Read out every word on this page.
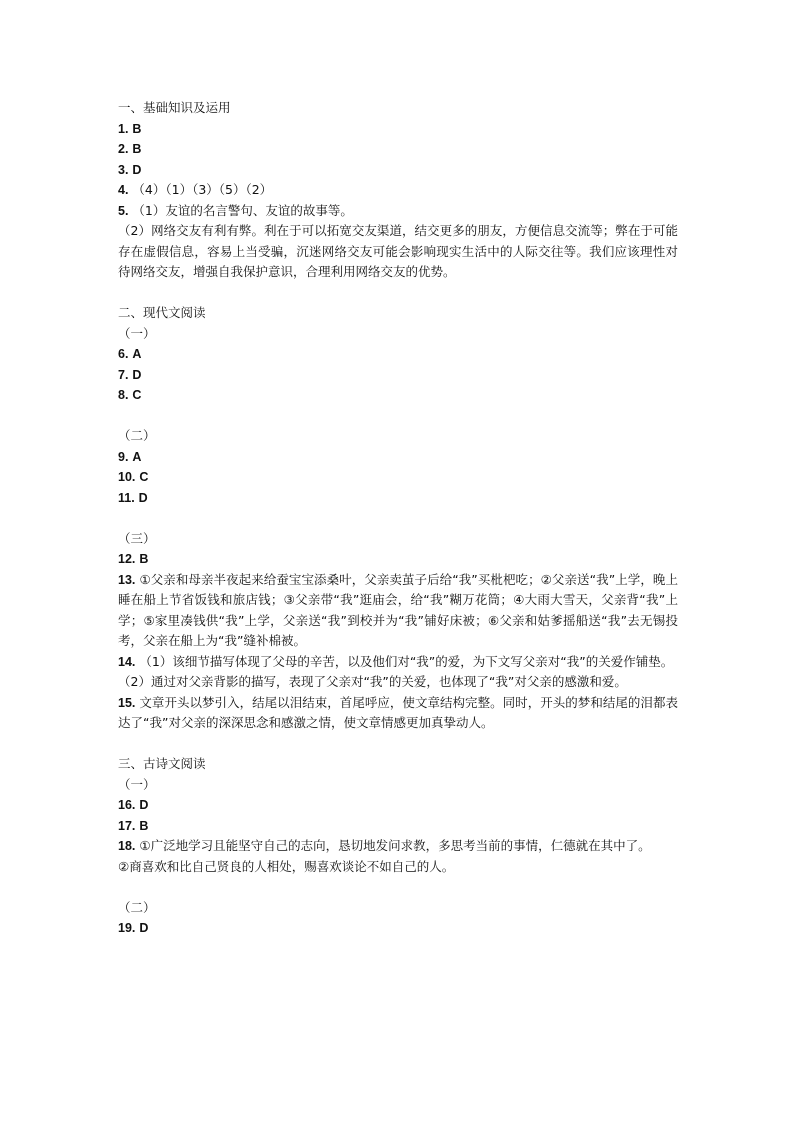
一、基础知识及运用
1. B
2. B
3. D
4. （4）（1）（3）（5）（2）
5. （1）友谊的名言警句、友谊的故事等。
（2）网络交友有利有弊。利在于可以拓宽交友渠道，结交更多的朋友，方便信息交流等；弊在于可能存在虚假信息，容易上当受骗，沉迷网络交友可能会影响现实生活中的人际交往等。我们应该理性对待网络交友，增强自我保护意识，合理利用网络交友的优势。
二、现代文阅读
（一）
6. A
7. D
8. C
（二）
9. A
10. C
11. D
（三）
12. B
13. ①父亲和母亲半夜起来给蚕宝宝添桑叶，父亲卖茧子后给“我”买枇杷吃；②父亲送“我”上学，晚上睡在船上节省饭钱和旅店钱；③父亲带“我”逛庙会，给“我”糊万花筒；④大雨大雪天，父亲背“我”上学；⑤家里凑钱供“我”上学，父亲送“我”到校并为“我”铺好床被；⑥父亲和姑爹摇船送“我”去无锡投考，父亲在船上为“我”缝补棉被。
14. （1）该细节描写体现了父母的辛苦，以及他们对“我”的爱，为下文写父亲对“我”的关爱作铺垫。
（2）通过对父亲背影的描写，表现了父亲对“我”的关爱，也体现了“我”对父亲的感激和爱。
15. 文章开头以梦引入，结尾以泪结束，首尾呼应，使文章结构完整。同时，开头的梦和结尾的泪都表达了“我”对父亲的深深思念和感激之情，使文章情感更加真挚动人。
三、古诗文阅读
（一）
16. D
17. B
18. ①广泛地学习且能坚守自己的志向，恳切地发问求教，多思考当前的事情，仁德就在其中了。
②商喜欢和比自己贤良的人相处，赐喜欢谈论不如自己的人。
（二）
19. D
